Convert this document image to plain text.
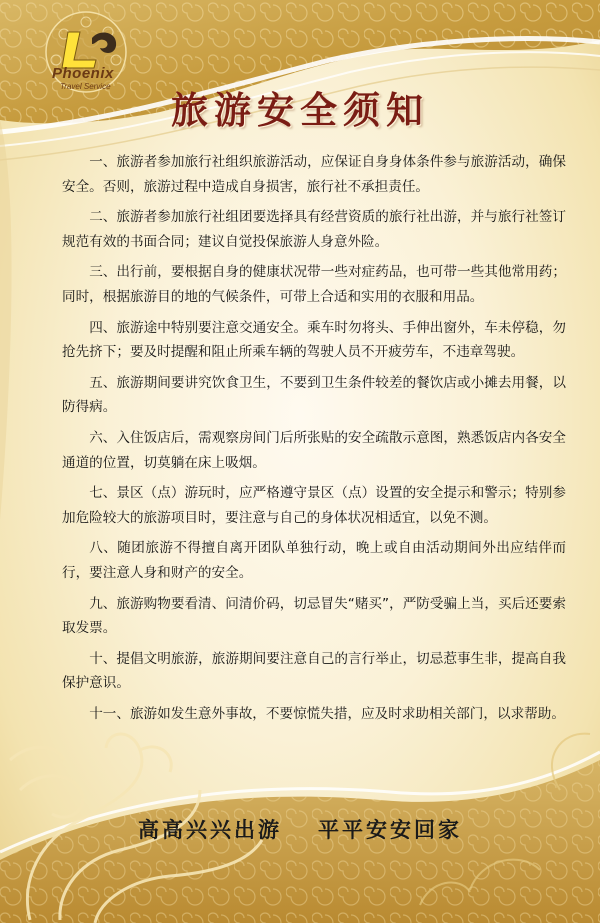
Phoenix
Travel Service
旅游安全须知

一、旅游者参加旅行社组织旅游活动，应保证自身身体条件参与旅游活动，确保安全。否则，旅游过程中造成自身损害，旅行社不承担责任。

二、旅游者参加旅行社组团要选择具有经营资质的旅行社出游，并与旅行社签订规范有效的书面合同；建议自觉投保旅游人身意外险。

三、出行前，要根据自身的健康状况带一些对症药品，也可带一些其他常用药；同时，根据旅游目的地的气候条件，可带上合适和实用的衣服和用品。

四、旅游途中特别要注意交通安全。乘车时勿将头、手伸出窗外，车未停稳，勿抢先挤下；要及时提醒和阻止所乘车辆的驾驶人员不开疲劳车，不违章驾驶。

五、旅游期间要讲究饮食卫生，不要到卫生条件较差的餐饮店或小摊去用餐，以防得病。

六、入住饭店后，需观察房间门后所张贴的安全疏散示意图，熟悉饭店内各安全通道的位置，切莫躺在床上吸烟。

七、景区（点）游玩时，应严格遵守景区（点）设置的安全提示和警示；特别参加危险较大的旅游项目时，要注意与自己的身体状况相适宜，以免不测。

八、随团旅游不得擅自离开团队单独行动，晚上或自由活动期间外出应结伴而行，要注意人身和财产的安全。

九、旅游购物要看清、问清价码，切忌冒失“赌买”，严防受骗上当，买后还要索取发票。

十、提倡文明旅游，旅游期间要注意自己的言行举止，切忌惹事生非，提高自我保护意识。

十一、旅游如发生意外事故，不要惊慌失措，应及时求助相关部门，以求帮助。

高高兴兴出游 平平安安回家
